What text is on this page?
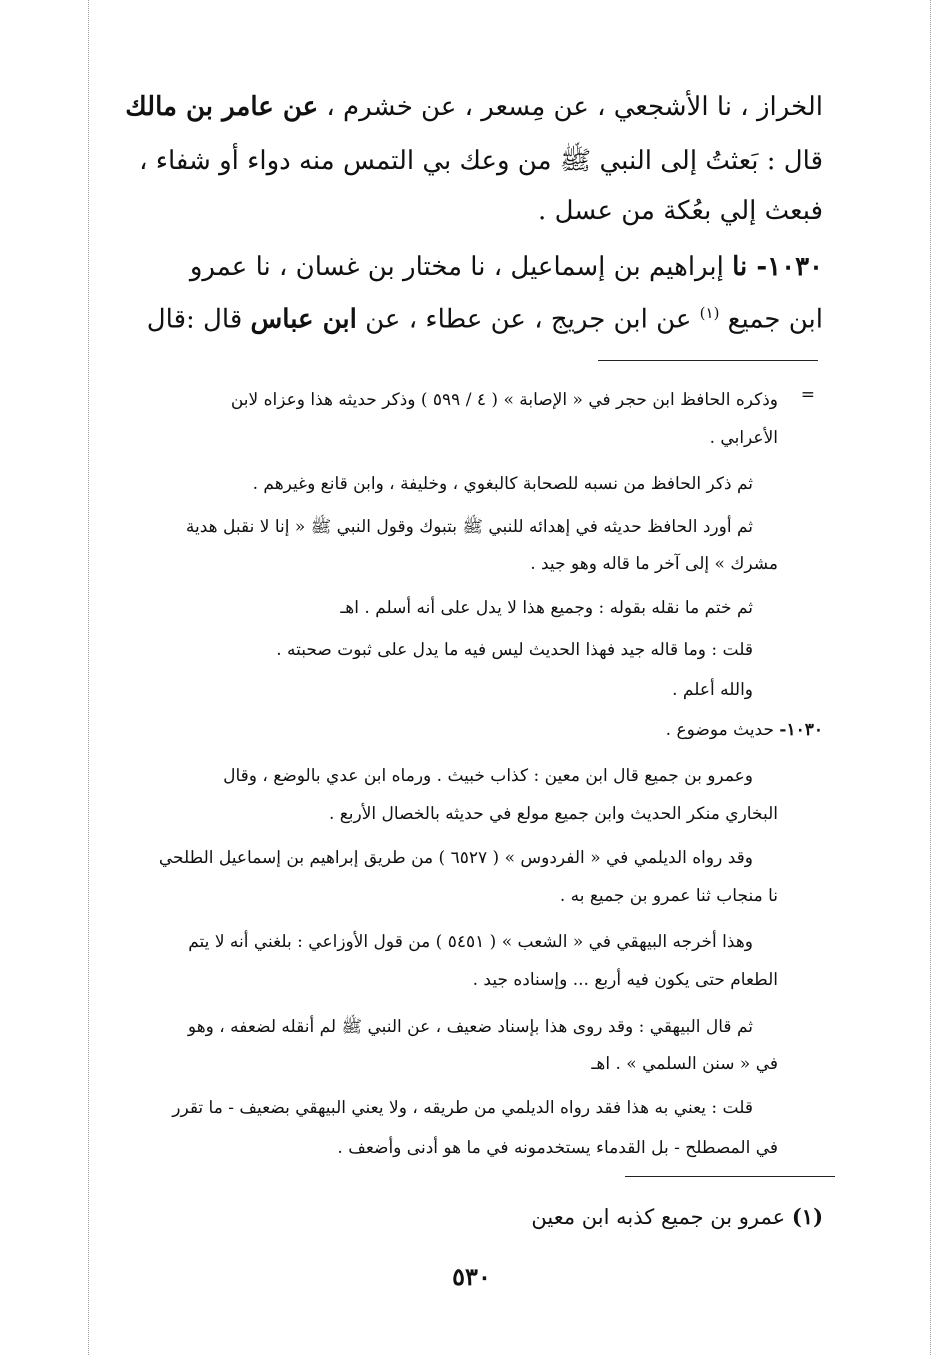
الخراز ، نا الأشجعي ، عن مِسعر ، عن خشرم ، عن عامر بن مالك
قال : بَعثتُ إلى النبي ﷺ من وعك بي التمس منه دواء أو شفاء ،
فبعث إلي بعُكة من عسل .
١٠٣٠- نا إبراهيم بن إسماعيل ، نا مختار بن غسان ، نا عمرو
ابن جميع $^{(١)}$ عن ابن جريج ، عن عطاء ، عن ابن عباس قال :قال
=
وذكره الحافظ ابن حجر في « الإصابة » ( ٤ / ٥٩٩ ) وذكر حديثه هذا وعزاه لابن
الأعرابي .
ثم ذكر الحافظ من نسبه للصحابة كالبغوي ، وخليفة ، وابن قانع وغيرهم .
ثم أورد الحافظ حديثه في إهدائه للنبي ﷺ بتبوك وقول النبي ﷺ « إنا لا نقبل هدية
مشرك » إلى آخر ما قاله وهو جيد .
ثم ختم ما نقله بقوله : وجميع هذا لا يدل على أنه أسلم . اهـ
قلت : وما قاله جيد فهذا الحديث ليس فيه ما يدل على ثبوت صحبته .
والله أعلم .
١٠٣٠- حديث موضوع .
وعمرو بن جميع قال ابن معين : كذاب خبيث . ورماه ابن عدي بالوضع ، وقال
البخاري منكر الحديث وابن جميع مولع في حديثه بالخصال الأربع .
وقد رواه الديلمي في « الفردوس » ( ٦٥٢٧ ) من طريق إبراهيم بن إسماعيل الطلحي
نا منجاب ثنا عمرو بن جميع به .
وهذا أخرجه البيهقي في « الشعب » ( ٥٤٥١ ) من قول الأوزاعي : بلغني أنه لا يتم
الطعام حتى يكون فيه أربع ... وإسناده جيد .
ثم قال البيهقي : وقد روى هذا بإسناد ضعيف ، عن النبي ﷺ لم أنقله لضعفه ، وهو
في « سنن السلمي » . اهـ
قلت : يعني به هذا فقد رواه الديلمي من طريقه ، ولا يعني البيهقي بضعيف - ما تقرر
في المصطلح - بل القدماء يستخدمونه في ما هو أدنى وأضعف .
(١) عمرو بن جميع كذبه ابن معين
٥٣٠
